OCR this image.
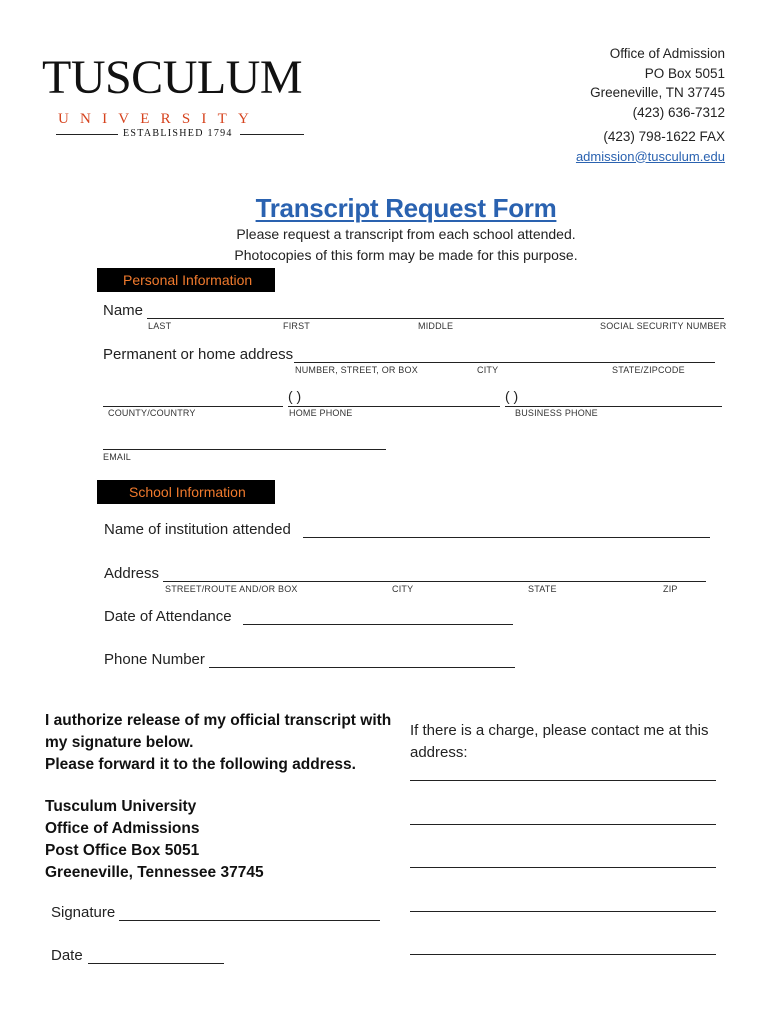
TUSCULUM
UNIVERSITY
ESTABLISHED 1794
Office of Admission
PO Box 5051
Greeneville, TN 37745
(423) 636-7312
(423) 798-1622 FAX
admission@tusculum.edu
Transcript Request Form
Please request a transcript from each school attended.
Photocopies of this form may be made for this purpose.
Personal Information
Name
LAST	FIRST	MIDDLE	SOCIAL SECURITY NUMBER
Permanent or home address
NUMBER, STREET, OR BOX	CITY	STATE/ZIPCODE
( )	( )
COUNTY/COUNTRY	HOME PHONE	BUSINESS PHONE
EMAIL
School Information
Name of institution attended
Address
STREET/ROUTE AND/OR BOX	CITY	STATE	ZIP
Date of Attendance
Phone Number
I authorize release of my official transcript with
my signature below.
Please forward it to the following address.
Tusculum University
Office of Admissions
Post Office Box 5051
Greeneville, Tennessee 37745
Signature
Date
If there is a charge, please contact me at this
address:
